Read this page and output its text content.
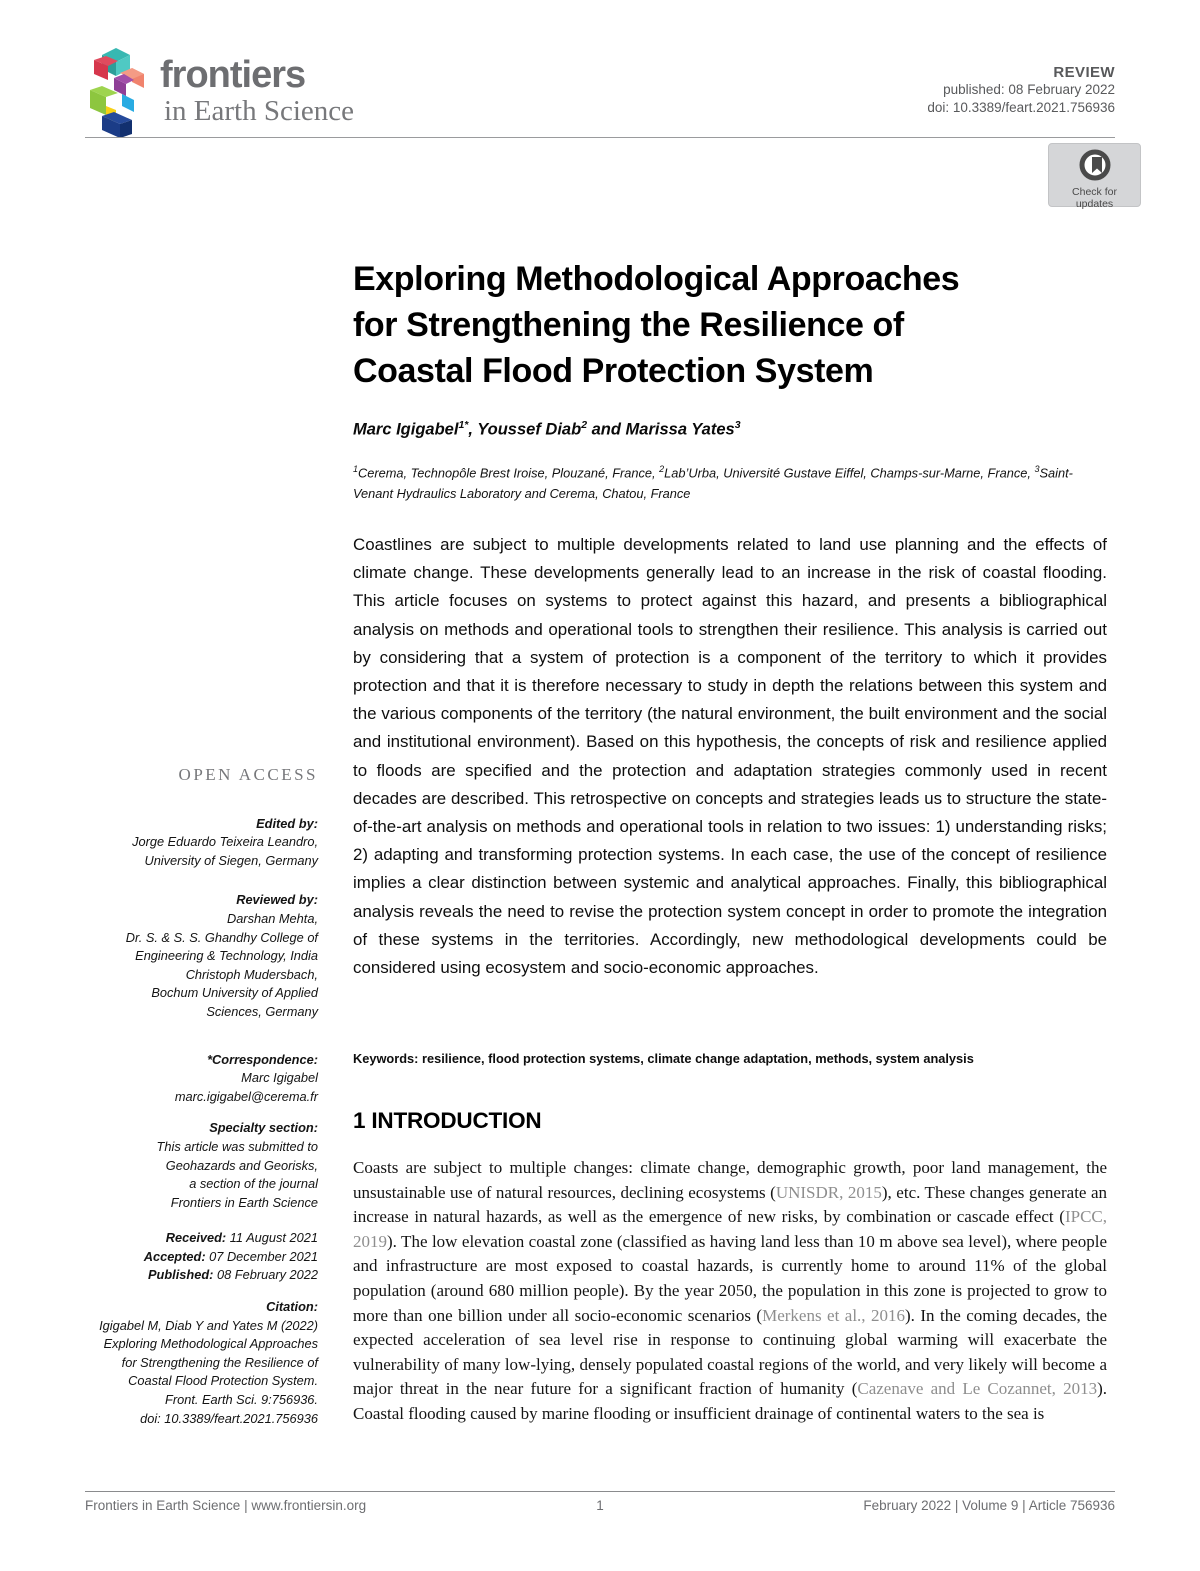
frontiers
in Earth Science
REVIEW
published: 08 February 2022
doi: 10.3389/feart.2021.756936
Check for
updates
Exploring Methodological Approaches
for Strengthening the Resilience of
Coastal Flood Protection System
Marc Igigabel$^{1*}$, Youssef Diab$^2$ and Marissa Yates$^3$
$^1$Cerema, Technopôle Brest Iroise, Plouzané, France, $^2$Lab’Urba, Université Gustave Eiffel, Champs-sur-Marne, France, $^3$Saint-Venant Hydraulics Laboratory and Cerema, Chatou, France
Coastlines are subject to multiple developments related to land use planning and the effects of climate change. These developments generally lead to an increase in the risk of coastal flooding. This article focuses on systems to protect against this hazard, and presents a bibliographical analysis on methods and operational tools to strengthen their resilience. This analysis is carried out by considering that a system of protection is a component of the territory to which it provides protection and that it is therefore necessary to study in depth the relations between this system and the various components of the territory (the natural environment, the built environment and the social and institutional environment). Based on this hypothesis, the concepts of risk and resilience applied to floods are specified and the protection and adaptation strategies commonly used in recent decades are described. This retrospective on concepts and strategies leads us to structure the state-of-the-art analysis on methods and operational tools in relation to two issues: 1) understanding risks; 2) adapting and transforming protection systems. In each case, the use of the concept of resilience implies a clear distinction between systemic and analytical approaches. Finally, this bibliographical analysis reveals the need to revise the protection system concept in order to promote the integration of these systems in the territories. Accordingly, new methodological developments could be considered using ecosystem and socio-economic approaches.
Keywords: resilience, flood protection systems, climate change adaptation, methods, system analysis
OPEN ACCESS
Edited by:
Jorge Eduardo Teixeira Leandro,
University of Siegen, Germany
Reviewed by:
Darshan Mehta,
Dr. S. & S. S. Ghandhy College of
Engineering & Technology, India
Christoph Mudersbach,
Bochum University of Applied
Sciences, Germany
*Correspondence:
Marc Igigabel
marc.igigabel@cerema.fr
Specialty section:
This article was submitted to
Geohazards and Georisks,
a section of the journal
Frontiers in Earth Science
Received: 11 August 2021
Accepted: 07 December 2021
Published: 08 February 2022
Citation:
Igigabel M, Diab Y and Yates M (2022)
Exploring Methodological Approaches
for Strengthening the Resilience of
Coastal Flood Protection System.
Front. Earth Sci. 9:756936.
doi: 10.3389/feart.2021.756936
1 INTRODUCTION
Coasts are subject to multiple changes: climate change, demographic growth, poor land management, the unsustainable use of natural resources, declining ecosystems (UNISDR, 2015), etc. These changes generate an increase in natural hazards, as well as the emergence of new risks, by combination or cascade effect (IPCC, 2019). The low elevation coastal zone (classified as having land less than 10 m above sea level), where people and infrastructure are most exposed to coastal hazards, is currently home to around 11% of the global population (around 680 million people). By the year 2050, the population in this zone is projected to grow to more than one billion under all socio-economic scenarios (Merkens et al., 2016). In the coming decades, the expected acceleration of sea level rise in response to continuing global warming will exacerbate the vulnerability of many low-lying, densely populated coastal regions of the world, and very likely will become a major threat in the near future for a significant fraction of humanity (Cazenave and Le Cozannet, 2013). Coastal flooding caused by marine flooding or insufficient drainage of continental waters to the sea is
Frontiers in Earth Science | www.frontiersin.org	1	February 2022 | Volume 9 | Article 756936
